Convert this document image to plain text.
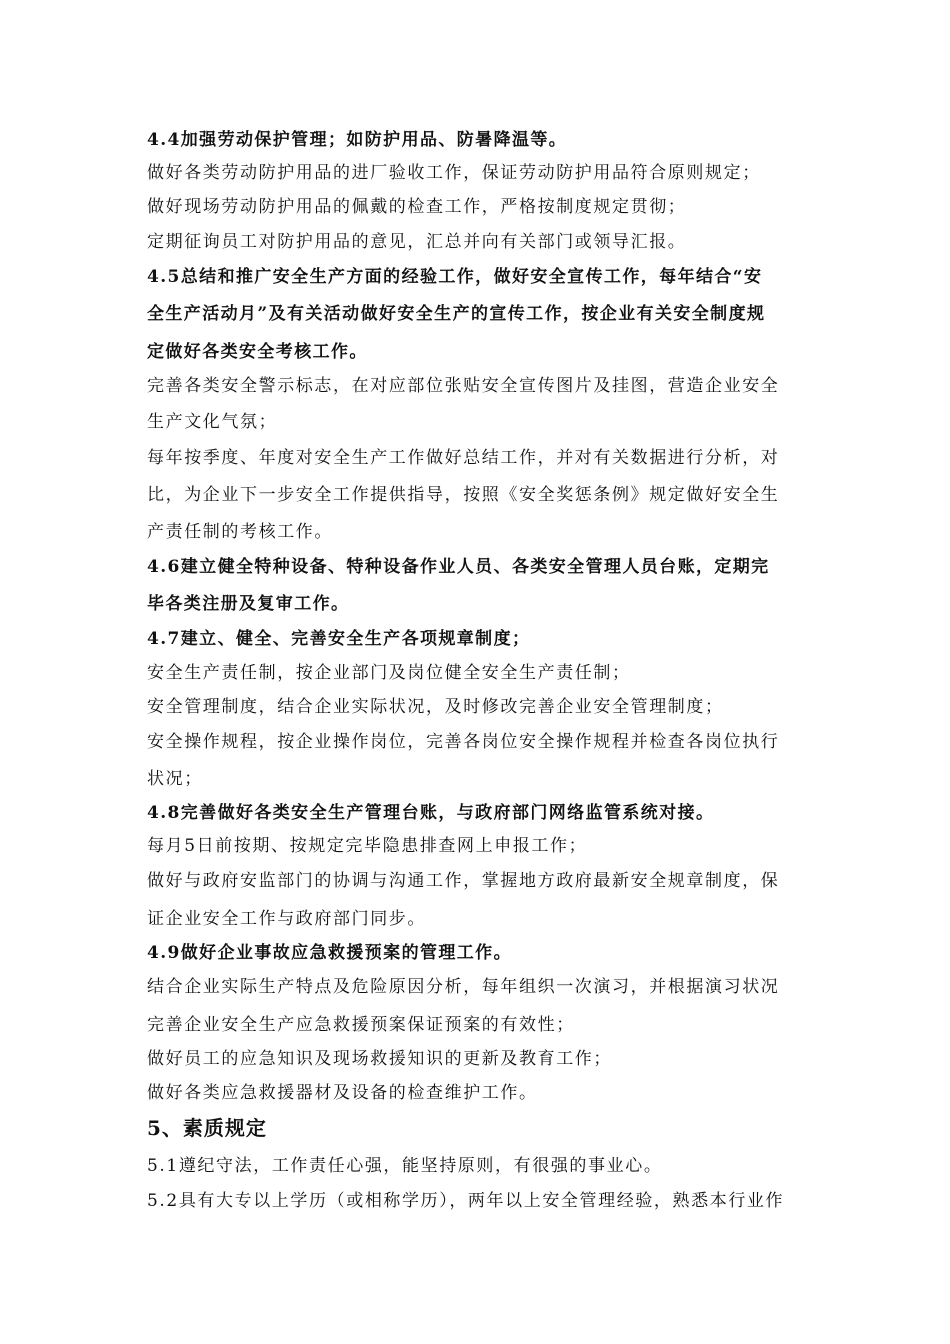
4.4加强劳动保护管理；如防护用品、防暑降温等。
做好各类劳动防护用品的进厂验收工作，保证劳动防护用品符合原则规定；
做好现场劳动防护用品的佩戴的检查工作，严格按制度规定贯彻；
定期征询员工对防护用品的意见，汇总并向有关部门或领导汇报。
4.5总结和推广安全生产方面的经验工作，做好安全宣传工作，每年结合“安
全生产活动月”及有关活动做好安全生产的宣传工作，按企业有关安全制度规
定做好各类安全考核工作。
完善各类安全警示标志，在对应部位张贴安全宣传图片及挂图，营造企业安全
生产文化气氛；
每年按季度、年度对安全生产工作做好总结工作，并对有关数据进行分析，对
比，为企业下一步安全工作提供指导，按照《安全奖惩条例》规定做好安全生
产责任制的考核工作。
4.6建立健全特种设备、特种设备作业人员、各类安全管理人员台账，定期完
毕各类注册及复审工作。
4.7建立、健全、完善安全生产各项规章制度；
安全生产责任制，按企业部门及岗位健全安全生产责任制；
安全管理制度，结合企业实际状况，及时修改完善企业安全管理制度；
安全操作规程，按企业操作岗位，完善各岗位安全操作规程并检查各岗位执行
状况；
4.8完善做好各类安全生产管理台账，与政府部门网络监管系统对接。
每月5日前按期、按规定完毕隐患排查网上申报工作；
做好与政府安监部门的协调与沟通工作，掌握地方政府最新安全规章制度，保
证企业安全工作与政府部门同步。
4.9做好企业事故应急救援预案的管理工作。
结合企业实际生产特点及危险原因分析，每年组织一次演习，并根据演习状况
完善企业安全生产应急救援预案保证预案的有效性；
做好员工的应急知识及现场救援知识的更新及教育工作；
做好各类应急救援器材及设备的检查维护工作。
5、素质规定
5.1遵纪守法，工作责任心强，能坚持原则，有很强的事业心。
5.2具有大专以上学历（或相称学历），两年以上安全管理经验，熟悉本行业作
